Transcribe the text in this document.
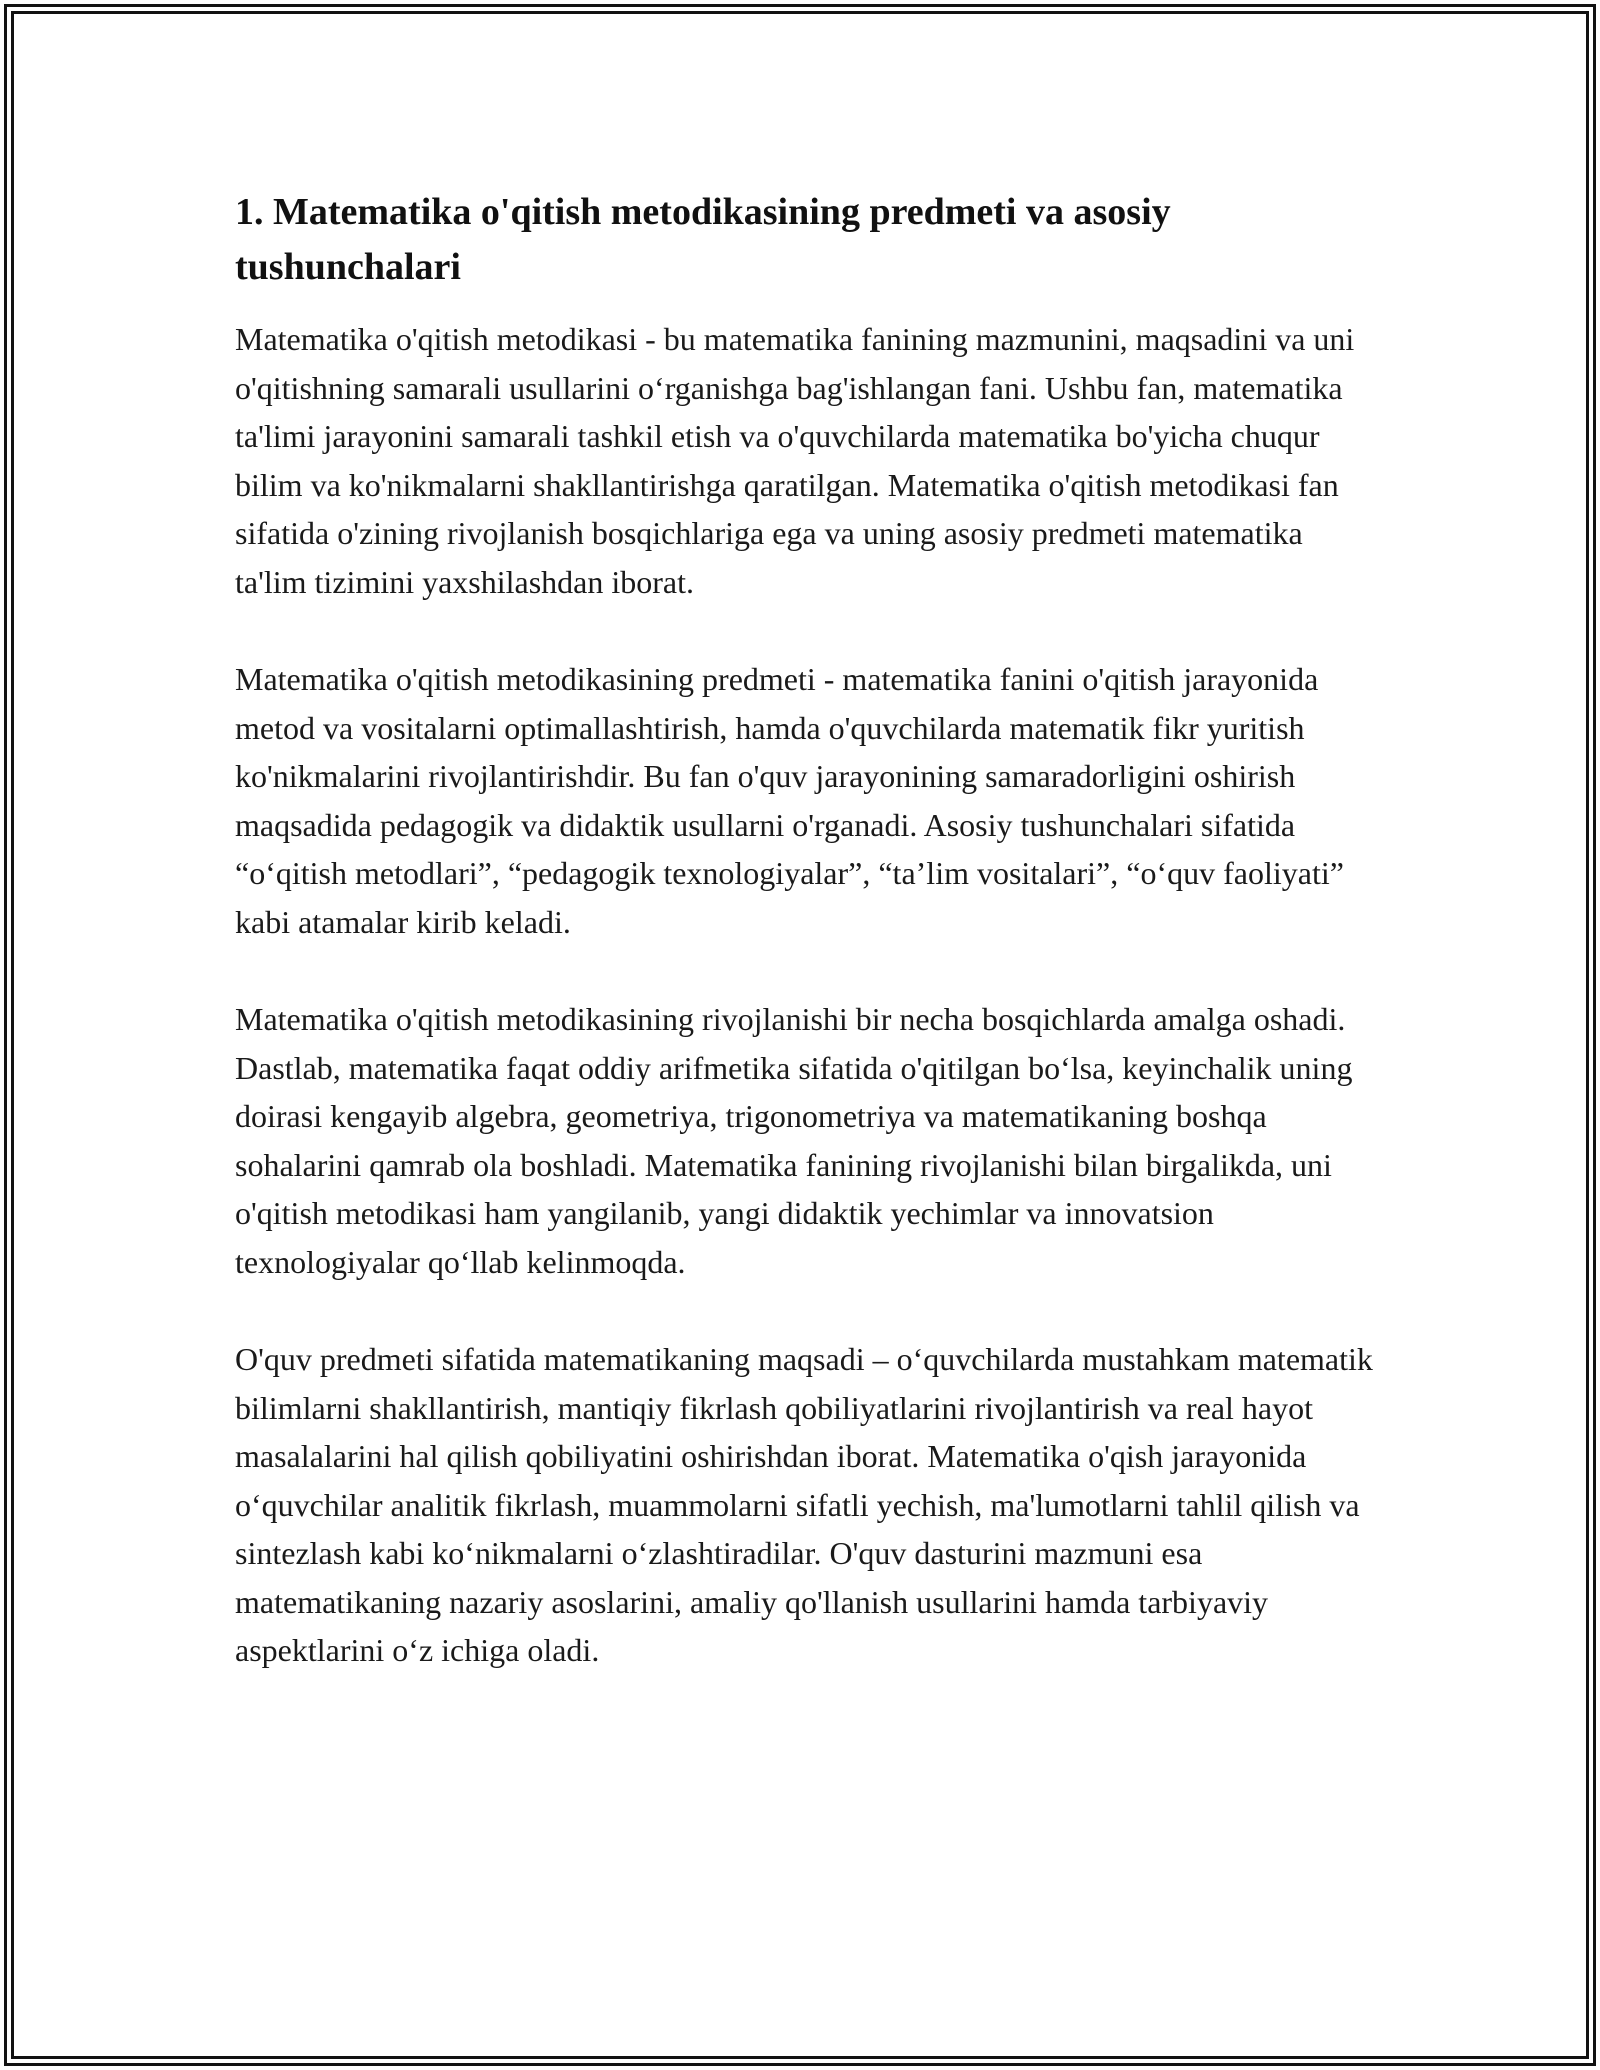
1. Matematika o'qitish metodikasining predmeti va asosiy tushunchalari

Matematika o'qitish metodikasi - bu matematika fanining mazmunini, maqsadini va uni o'qitishning samarali usullarini o‘rganishga bag'ishlangan fani. Ushbu fan, matematika ta'limi jarayonini samarali tashkil etish va o'quvchilarda matematika bo'yicha chuqur bilim va ko'nikmalarni shakllantirishga qaratilgan. Matematika o'qitish metodikasi fan sifatida o'zining rivojlanish bosqichlariga ega va uning asosiy predmeti matematika ta'lim tizimini yaxshilashdan iborat.

Matematika o'qitish metodikasining predmeti - matematika fanini o'qitish jarayonida metod va vositalarni optimallashtirish, hamda o'quvchilarda matematik fikr yuritish ko'nikmalarini rivojlantirishdir. Bu fan o'quv jarayonining samaradorligini oshirish maqsadida pedagogik va didaktik usullarni o'rganadi. Asosiy tushunchalari sifatida “o‘qitish metodlari”, “pedagogik texnologiyalar”, “ta’lim vositalari”, “o‘quv faoliyati” kabi atamalar kirib keladi.

Matematika o'qitish metodikasining rivojlanishi bir necha bosqichlarda amalga oshadi. Dastlab, matematika faqat oddiy arifmetika sifatida o'qitilgan bo‘lsa, keyinchalik uning doirasi kengayib algebra, geometriya, trigonometriya va matematikaning boshqa sohalarini qamrab ola boshladi. Matematika fanining rivojlanishi bilan birgalikda, uni o'qitish metodikasi ham yangilanib, yangi didaktik yechimlar va innovatsion texnologiyalar qo‘llab kelinmoqda.

O'quv predmeti sifatida matematikaning maqsadi – o‘quvchilarda mustahkam matematik bilimlarni shakllantirish, mantiqiy fikrlash qobiliyatlarini rivojlantirish va real hayot masalalarini hal qilish qobiliyatini oshirishdan iborat. Matematika o'qish jarayonida o‘quvchilar analitik fikrlash, muammolarni sifatli yechish, ma'lumotlarni tahlil qilish va sintezlash kabi ko‘nikmalarni o‘zlashtiradilar. O'quv dasturini mazmuni esa matematikaning nazariy asoslarini, amaliy qo'llanish usullarini hamda tarbiyaviy aspektlarini o‘z ichiga oladi.
